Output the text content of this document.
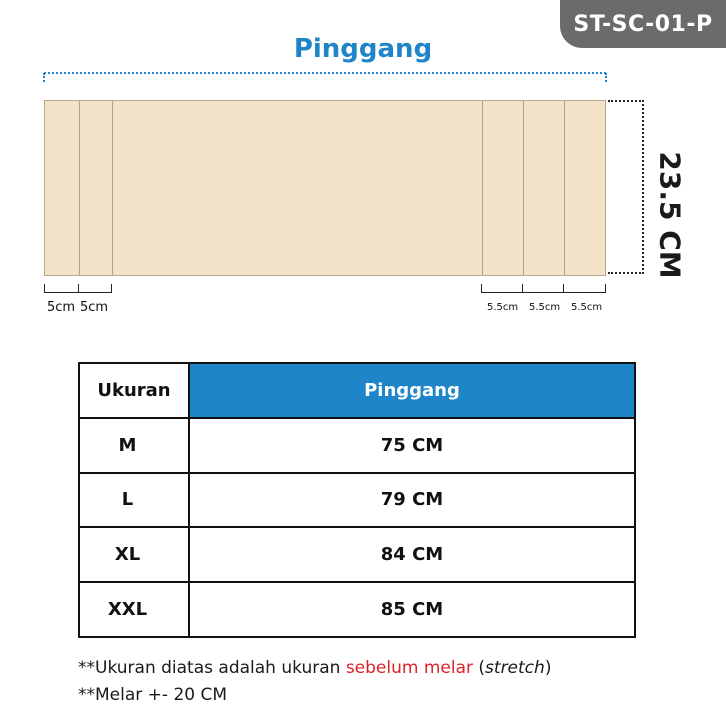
ST-SC-01-P
Pinggang
23.5 CM
5cm 5cm	5.5cm 5.5cm 5.5cm
Ukuran	Pinggang
M	75 CM
L	79 CM
XL	84 CM
XXL	85 CM
**Ukuran diatas adalah ukuran sebelum melar (stretch)
**Melar +- 20 CM
